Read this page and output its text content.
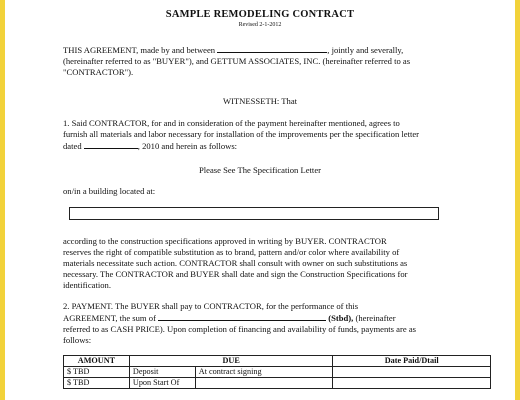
SAMPLE REMODELING CONTRACT
Revised 2-1-2012
THIS AGREEMENT, made by and between	, jointly and severally,
(hereinafter referred to as "BUYER"), and GETTUM ASSOCIATES, INC. (hereinafter referred to as
"CONTRACTOR").
WITNESSETH: That
1. Said CONTRACTOR, for and in consideration of the payment hereinafter mentioned, agrees to
furnish all materials and labor necessary for installation of the improvements per the specification letter
dated	, 2010 and herein as follows:
Please See The Specification Letter
on/in a building located at:
according to the construction specifications approved in writing by BUYER. CONTRACTOR
reserves the right of compatible substitution as to brand, pattern and/or color where availability of
materials necessitate such action. CONTRACTOR shall consult with owner on such substitutions as
necessary. The CONTRACTOR and BUYER shall date and sign the Construction Specifications for
identification.
2. PAYMENT. The BUYER shall pay to CONTRACTOR, for the performance of this
AGREEMENT, the sum of	(Stbd), (hereinafter
referred to as CASH PRICE). Upon completion of financing and availability of funds, payments are as
follows:
AMOUNT	DUE		Date Paid/Dtail
$ TBD	Deposit	At contract signing	
$ TBD	Upon Start Of		
